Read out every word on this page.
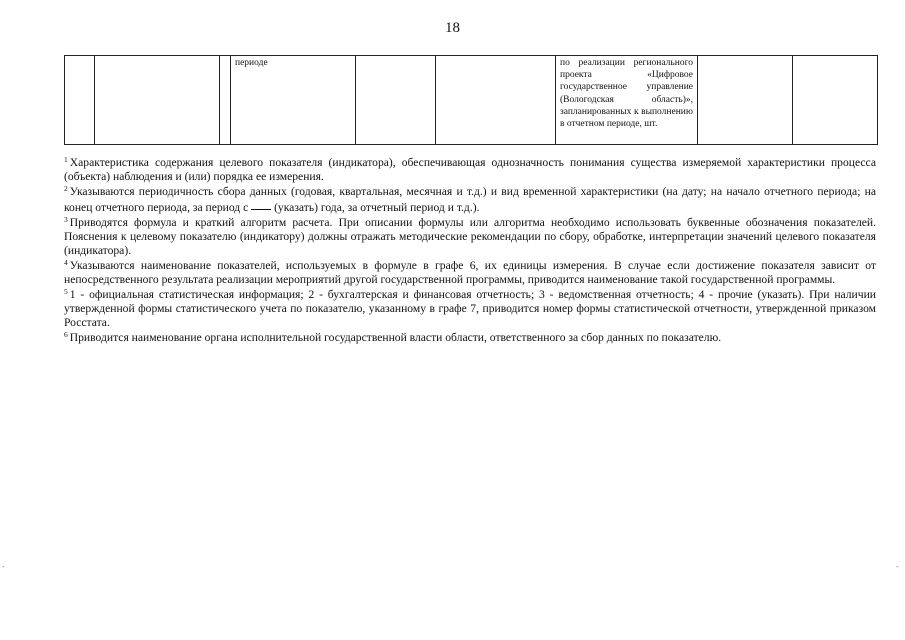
18
			периоде			по реализации регионального проекта «Цифровое государственное управление (Вологодская область)», запланированных к выполнению в отчетном периоде, шт.		

$^1$ Характеристика содержания целевого показателя (индикатора), обеспечивающая однозначность понимания существа измеряемой характеристики процесса (объекта) наблюдения и (или) порядка ее измерения.

$^2$ Указываются периодичность сбора данных (годовая, квартальная, месячная и т.д.) и вид временной характеристики (на дату; на начало отчетного периода; на конец отчетного периода, за период с (указать) года, за отчетный период и т.д.).

$^3$ Приводятся формула и краткий алгоритм расчета. При описании формулы или алгоритма необходимо использовать буквенные обозначения показателей. Пояснения к целевому показателю (индикатору) должны отражать методические рекомендации по сбору, обработке, интерпретации значений целевого показателя (индикатора).

$^4$ Указываются наименование показателей, используемых в формуле в графе 6, их единицы измерения. В случае если достижение показателя зависит от непосредственного результата реализации мероприятий другой государственной программы, приводится наименование такой государственной программы.

$^5$ 1 - официальная статистическая информация; 2 - бухгалтерская и финансовая отчетность; 3 - ведомственная отчетность; 4 - прочие (указать). При наличии утвержденной формы статистического учета по показателю, указанному в графе 7, приводится номер формы статистической отчетности, утвержденной приказом Росстата.

$^6$ Приводится наименование органа исполнительной государственной власти области, ответственного за сбор данных по показателю.

-	-
